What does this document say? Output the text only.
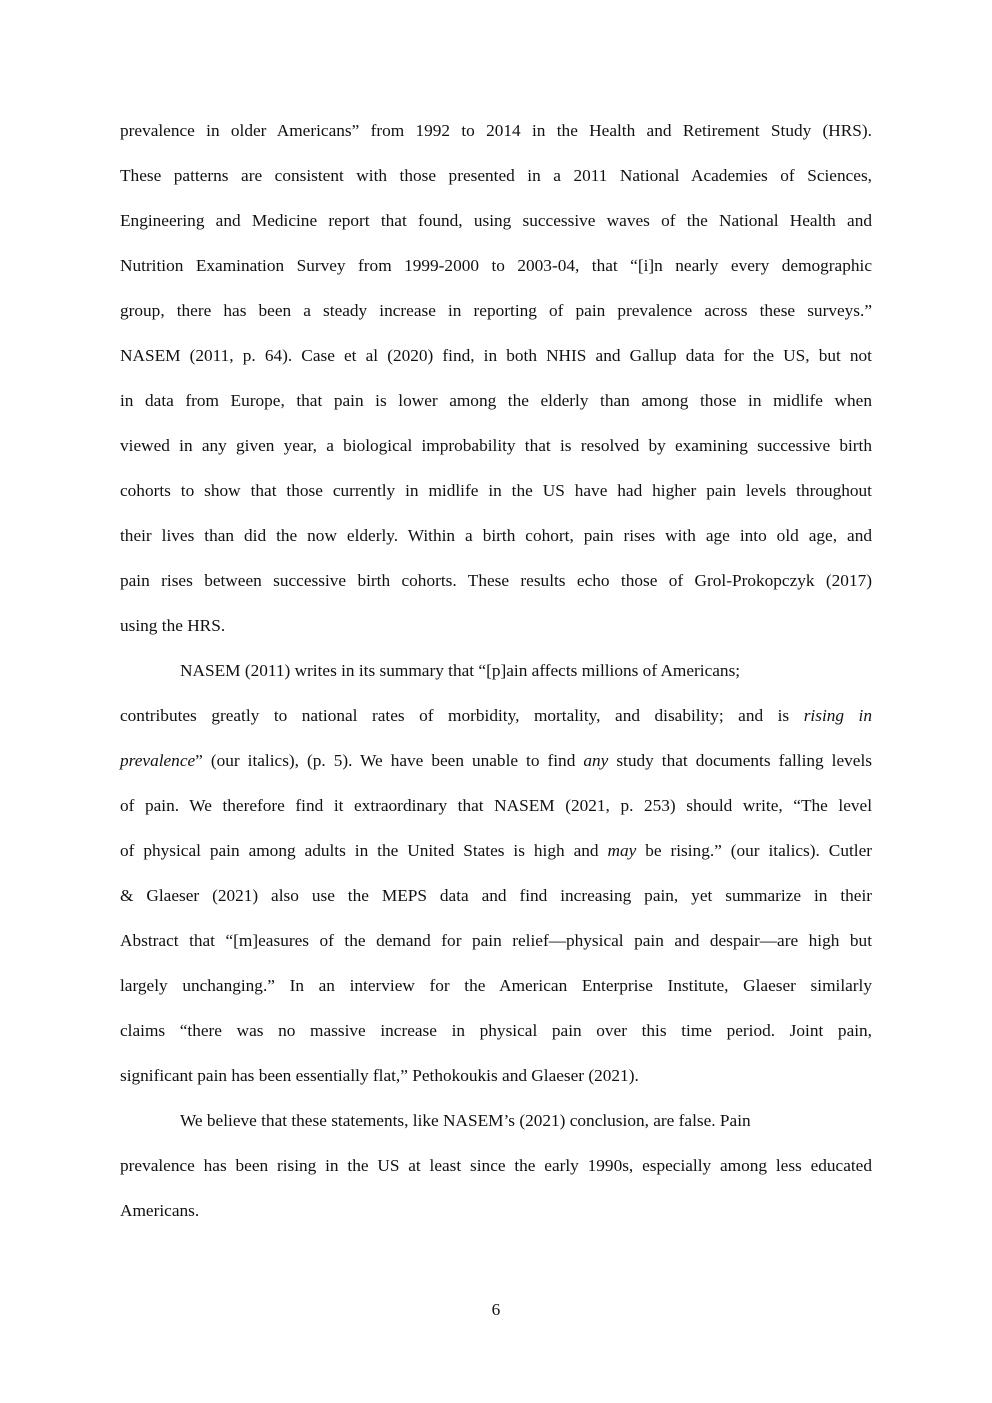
prevalence in older Americans” from 1992 to 2014 in the Health and Retirement Study (HRS).
These patterns are consistent with those presented in a 2011 National Academies of Sciences,
Engineering and Medicine report that found, using successive waves of the National Health and
Nutrition Examination Survey from 1999-2000 to 2003-04, that “[i]n nearly every demographic
group, there has been a steady increase in reporting of pain prevalence across these surveys.”
NASEM (2011, p. 64). Case et al (2020) find, in both NHIS and Gallup data for the US, but not
in data from Europe, that pain is lower among the elderly than among those in midlife when
viewed in any given year, a biological improbability that is resolved by examining successive birth
cohorts to show that those currently in midlife in the US have had higher pain levels throughout
their lives than did the now elderly. Within a birth cohort, pain rises with age into old age, and
pain rises between successive birth cohorts. These results echo those of Grol-Prokopczyk (2017)
using the HRS.
NASEM (2011) writes in its summary that “[p]ain affects millions of Americans;
contributes greatly to national rates of morbidity, mortality, and disability; and is rising in
prevalence” (our italics), (p. 5). We have been unable to find any study that documents falling levels
of pain. We therefore find it extraordinary that NASEM (2021, p. 253) should write, “The level
of physical pain among adults in the United States is high and may be rising.” (our italics). Cutler
& Glaeser (2021) also use the MEPS data and find increasing pain, yet summarize in their
Abstract that “[m]easures of the demand for pain relief—physical pain and despair—are high but
largely unchanging.” In an interview for the American Enterprise Institute, Glaeser similarly
claims “there was no massive increase in physical pain over this time period. Joint pain,
significant pain has been essentially flat,” Pethokoukis and Glaeser (2021).
We believe that these statements, like NASEM’s (2021) conclusion, are false. Pain
prevalence has been rising in the US at least since the early 1990s, especially among less educated
Americans.
6
